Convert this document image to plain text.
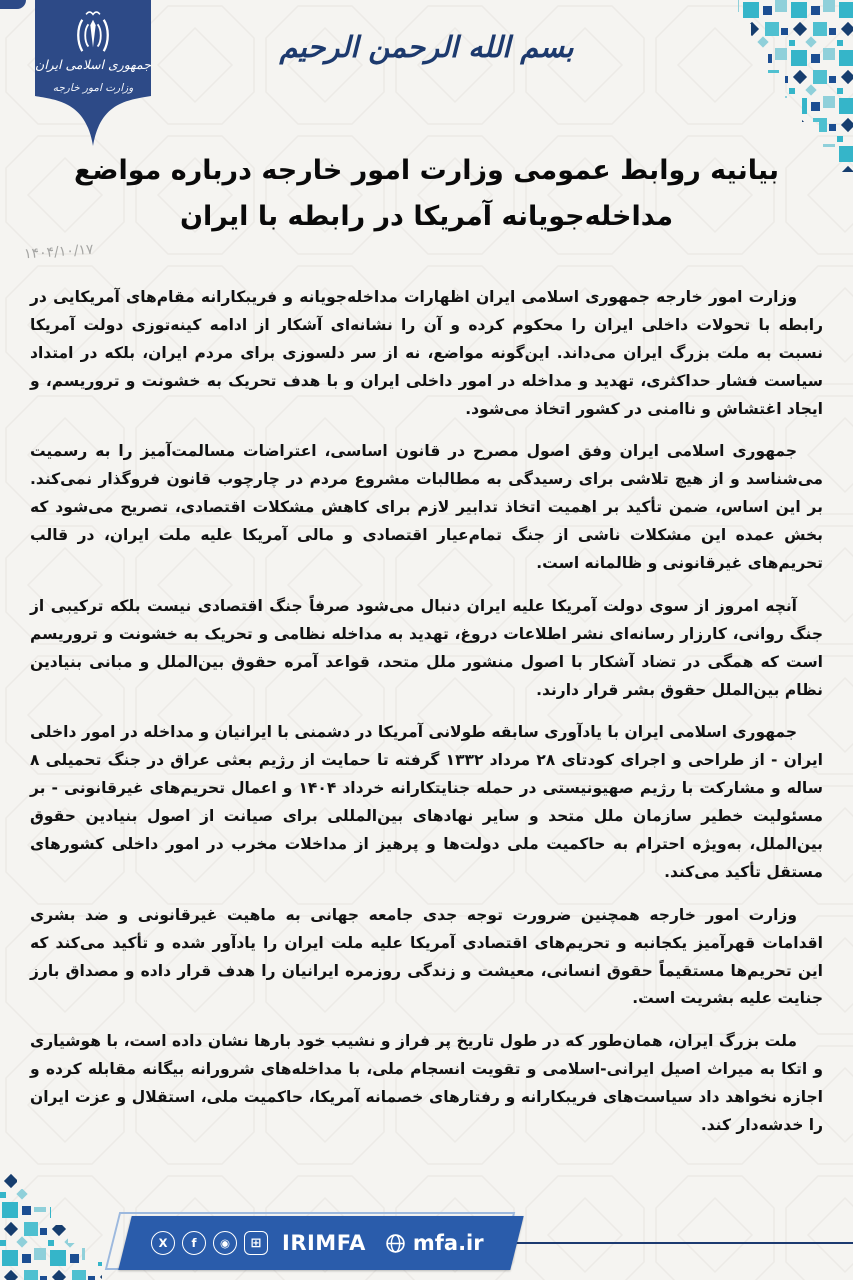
جمهوری اسلامی ایران
وزارت امور خارجه
بسم الله الرحمن الرحیم
بیانیه روابط عمومی وزارت امور خارجه درباره مواضع
مداخله‌جویانه آمریکا در رابطه با ایران
۱۴۰۴/۱۰/۱۷

وزارت امور خارجه جمهوری اسلامی ایران اظهارات مداخله‌جویانه و فریبکارانه مقام‌های آمریکایی در رابطه با تحولات داخلی ایران را محکوم کرده و آن را نشانه‌ای آشکار از ادامه کینه‌توزی دولت آمریکا نسبت به ملت بزرگ ایران می‌داند. این‌گونه مواضع، نه از سر دلسوزی برای مردم ایران، بلکه در امتداد سیاست فشار حداکثری، تهدید و مداخله در امور داخلی ایران و با هدف تحریک به خشونت و تروریسم، و ایجاد اغتشاش و ناامنی در کشور اتخاذ می‌شود.

جمهوری اسلامی ایران وفق اصول مصرح در قانون اساسی، اعتراضات مسالمت‌آمیز را به رسمیت می‌شناسد و از هیچ تلاشی برای رسیدگی به مطالبات مشروع مردم در چارچوب قانون فروگذار نمی‌کند. بر این اساس، ضمن تأکید بر اهمیت اتخاذ تدابیر لازم برای کاهش مشکلات اقتصادی، تصریح می‌شود که بخش عمده این مشکلات ناشی از جنگ تمام‌عیار اقتصادی و مالی آمریکا علیه ملت ایران، در قالب تحریم‌های غیرقانونی و ظالمانه است.

آنچه امروز از سوی دولت آمریکا علیه ایران دنبال می‌شود صرفاً جنگ اقتصادی نیست بلکه ترکیبی از جنگ روانی، کارزار رسانه‌ای نشر اطلاعات دروغ، تهدید به مداخله نظامی و تحریک به خشونت و تروریسم است که همگی در تضاد آشکار با اصول منشور ملل متحد، قواعد آمره حقوق بین‌الملل و مبانی بنیادین نظام بین‌الملل حقوق بشر قرار دارند.

جمهوری اسلامی ایران با یادآوری سابقه طولانی آمریکا در دشمنی با ایرانیان و مداخله در امور داخلی ایران - از طراحی و اجرای کودتای ۲۸ مرداد ۱۳۳۲ گرفته تا حمایت از رژیم بعثی عراق در جنگ تحمیلی ۸ ساله و مشارکت با رژیم صهیونیستی در حمله جنایتکارانه خرداد ۱۴۰۴ و اعمال تحریم‌های غیرقانونی - بر مسئولیت خطیر سازمان ملل متحد و سایر نهادهای بین‌المللی برای صیانت از اصول بنیادین حقوق بین‌الملل، به‌ویژه احترام به حاکمیت ملی دولت‌ها و پرهیز از مداخلات مخرب در امور داخلی کشورهای مستقل تأکید می‌کند.

وزارت امور خارجه همچنین ضرورت توجه جدی جامعه جهانی به ماهیت غیرقانونی و ضد بشری اقدامات قهرآمیز یکجانبه و تحریم‌های اقتصادی آمریکا علیه ملت ایران را یادآور شده و تأکید می‌کند که این تحریم‌ها مستقیماً حقوق انسانی، معیشت و زندگی روزمره ایرانیان را هدف قرار داده و مصداق بارز جنایت علیه بشریت است.

ملت بزرگ ایران، همان‌طور که در طول تاریخ پر فراز و نشیب خود بارها نشان داده است، با هوشیاری و اتکا به میراث اصیل ایرانی-اسلامی و تقویت انسجام ملی، با مداخله‌های شرورانه بیگانه مقابله کرده و اجازه نخواهد داد سیاست‌های فریبکارانه و رفتارهای خصمانه آمریکا، حاکمیت ملی، استقلال و عزت ایران را خدشه‌دار کند.

X	f	◉	⊞ IRIMFA mfa.ir
